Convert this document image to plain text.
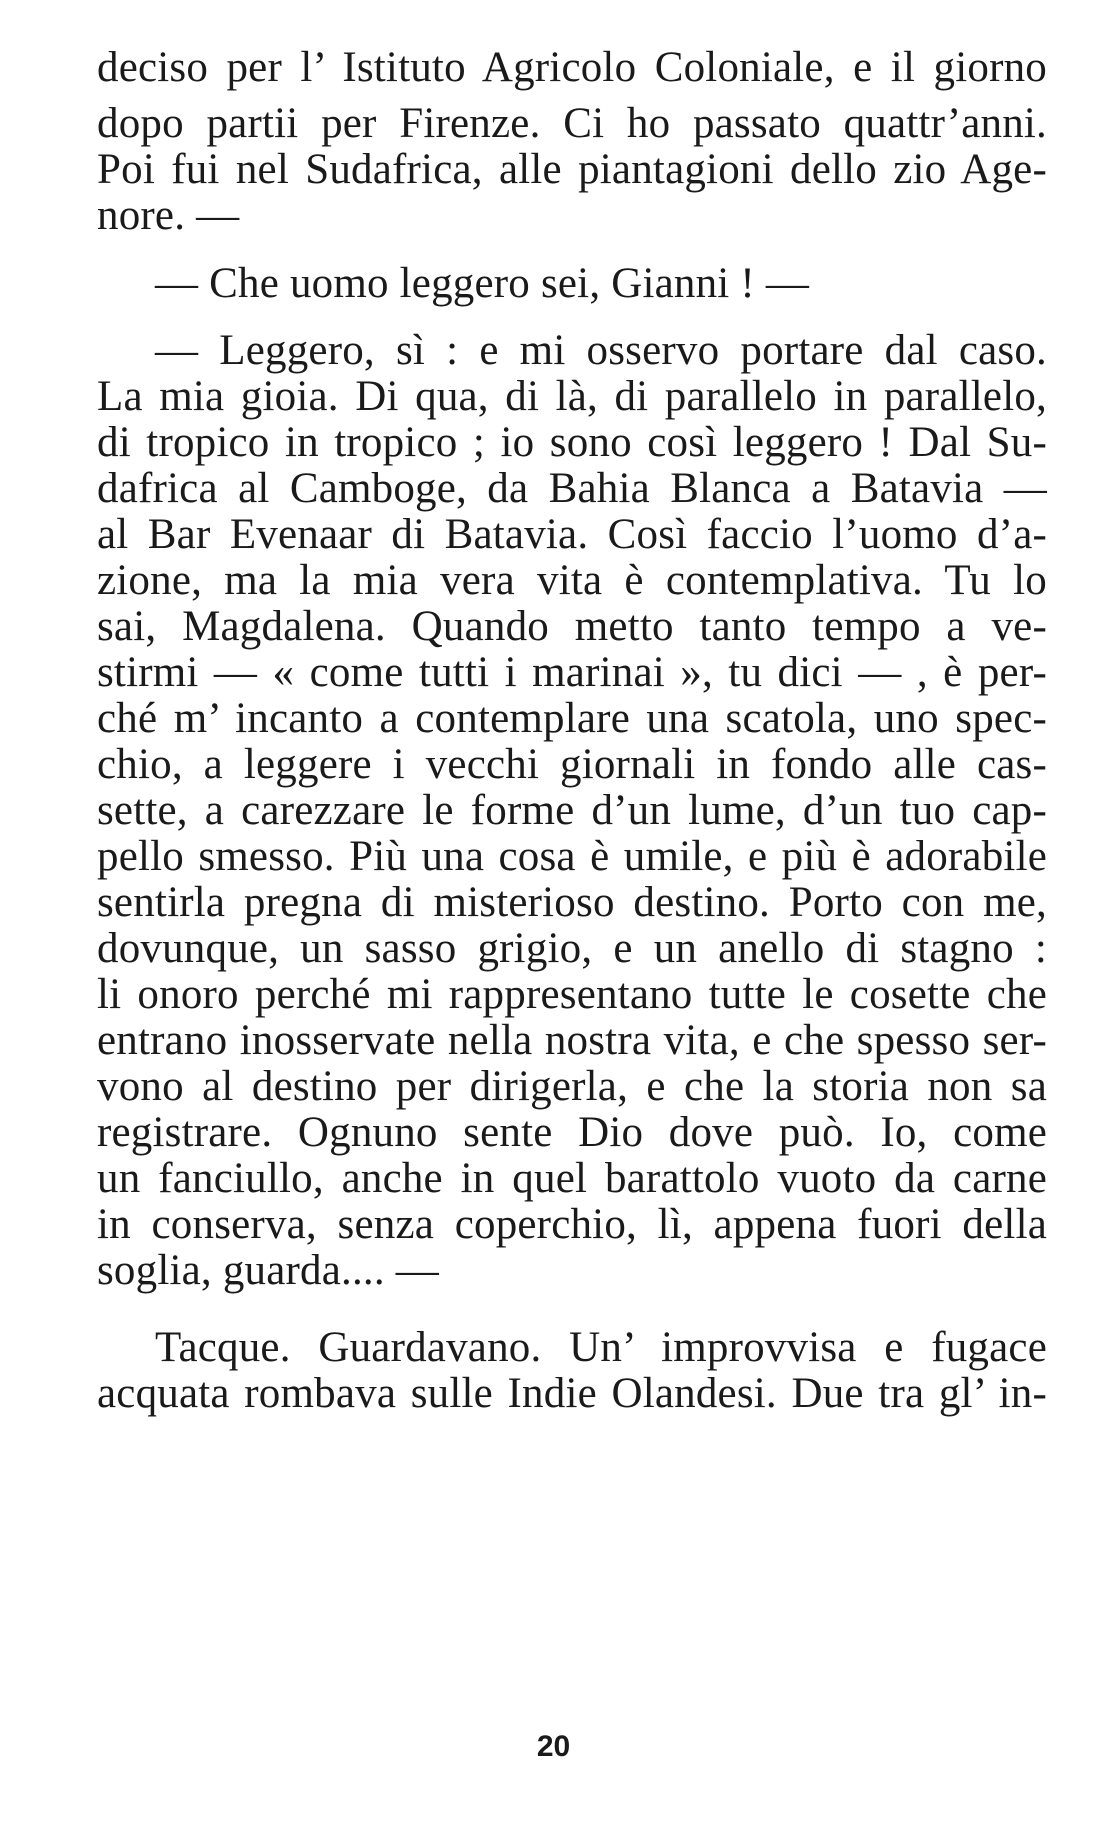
deciso per l’ Istituto Agricolo Coloniale, e il giorno
dopo partii per Firenze. Ci ho passato quattr’anni.
Poi fui nel Sudafrica, alle piantagioni dello zio Age-
nore. —
— Che uomo leggero sei, Gianni ! —
— Leggero, sì : e mi osservo portare dal caso.
La mia gioia. Di qua, di là, di parallelo in parallelo,
di tropico in tropico ; io sono così leggero ! Dal Su-
dafrica al Camboge, da Bahia Blanca a Batavia —
al Bar Evenaar di Batavia. Così faccio l’uomo d’a-
zione, ma la mia vera vita è contemplativa. Tu lo
sai, Magdalena. Quando metto tanto tempo a ve-
stirmi — « come tutti i marinai », tu dici — , è per-
ché m’ incanto a contemplare una scatola, uno spec-
chio, a leggere i vecchi giornali in fondo alle cas-
sette, a carezzare le forme d’un lume, d’un tuo cap-
pello smesso. Più una cosa è umile, e più è adorabile
sentirla pregna di misterioso destino. Porto con me,
dovunque, un sasso grigio, e un anello di stagno :
li onoro perché mi rappresentano tutte le cosette che
entrano inosservate nella nostra vita, e che spesso ser-
vono al destino per dirigerla, e che la storia non sa
registrare. Ognuno sente Dio dove può. Io, come
un fanciullo, anche in quel barattolo vuoto da carne
in conserva, senza coperchio, lì, appena fuori della
soglia, guarda.... —
Tacque. Guardavano. Un’ improvvisa e fugace
acquata rombava sulle Indie Olandesi. Due tra gl’ in-
20
